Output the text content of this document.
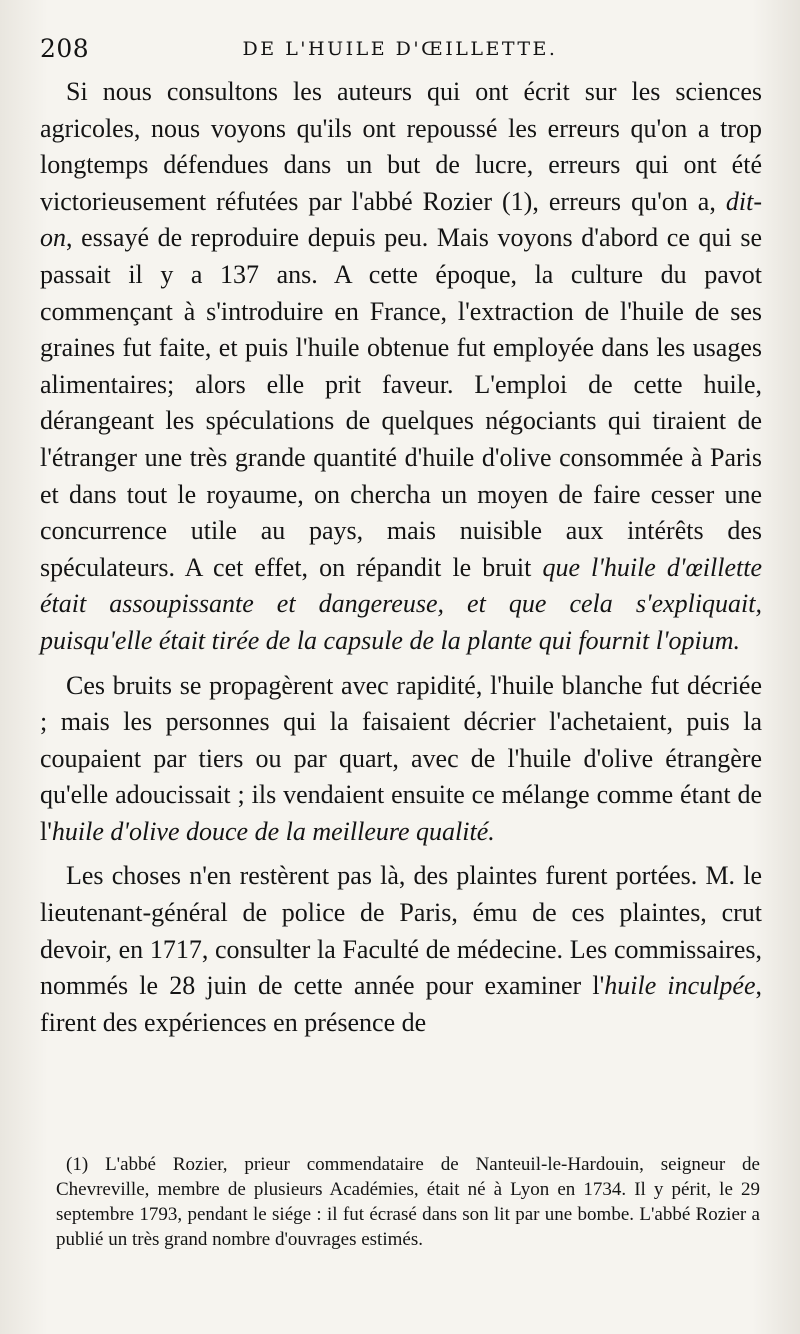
208	DE L'HUILE D'ŒILLETTE.

Si nous consultons les auteurs qui ont écrit sur les sciences agricoles, nous voyons qu'ils ont repoussé les erreurs qu'on a trop longtemps défendues dans un but de lucre, erreurs qui ont été victorieusement réfutées par l'abbé Rozier (1), erreurs qu'on a, dit-on, essayé de reproduire depuis peu. Mais voyons d'abord ce qui se passait il y a 137 ans. A cette époque, la culture du pavot commençant à s'introduire en France, l'extraction de l'huile de ses graines fut faite, et puis l'huile obtenue fut employée dans les usages alimentaires; alors elle prit faveur. L'emploi de cette huile, dérangeant les spéculations de quelques négociants qui tiraient de l'étranger une très grande quantité d'huile d'olive consommée à Paris et dans tout le royaume, on chercha un moyen de faire cesser une concurrence utile au pays, mais nuisible aux intérêts des spéculateurs. A cet effet, on répandit le bruit que l'huile d'œillette était assoupissante et dangereuse, et que cela s'expliquait, puisqu'elle était tirée de la capsule de la plante qui fournit l'opium.

Ces bruits se propagèrent avec rapidité, l'huile blanche fut décriée ; mais les personnes qui la faisaient décrier l'achetaient, puis la coupaient par tiers ou par quart, avec de l'huile d'olive étrangère qu'elle adoucissait ; ils vendaient ensuite ce mélange comme étant de l'huile d'olive douce de la meilleure qualité.

Les choses n'en restèrent pas là, des plaintes furent portées. M. le lieutenant-général de police de Paris, ému de ces plaintes, crut devoir, en 1717, consulter la Faculté de médecine. Les commissaires, nommés le 28 juin de cette année pour examiner l'huile inculpée, firent des expériences en présence de

(1) L'abbé Rozier, prieur commendataire de Nanteuil-le-Hardouin, seigneur de Chevreville, membre de plusieurs Académies, était né à Lyon en 1734. Il y périt, le 29 septembre 1793, pendant le siége : il fut écrasé dans son lit par une bombe. L'abbé Rozier a publié un très grand nombre d'ouvrages estimés.
